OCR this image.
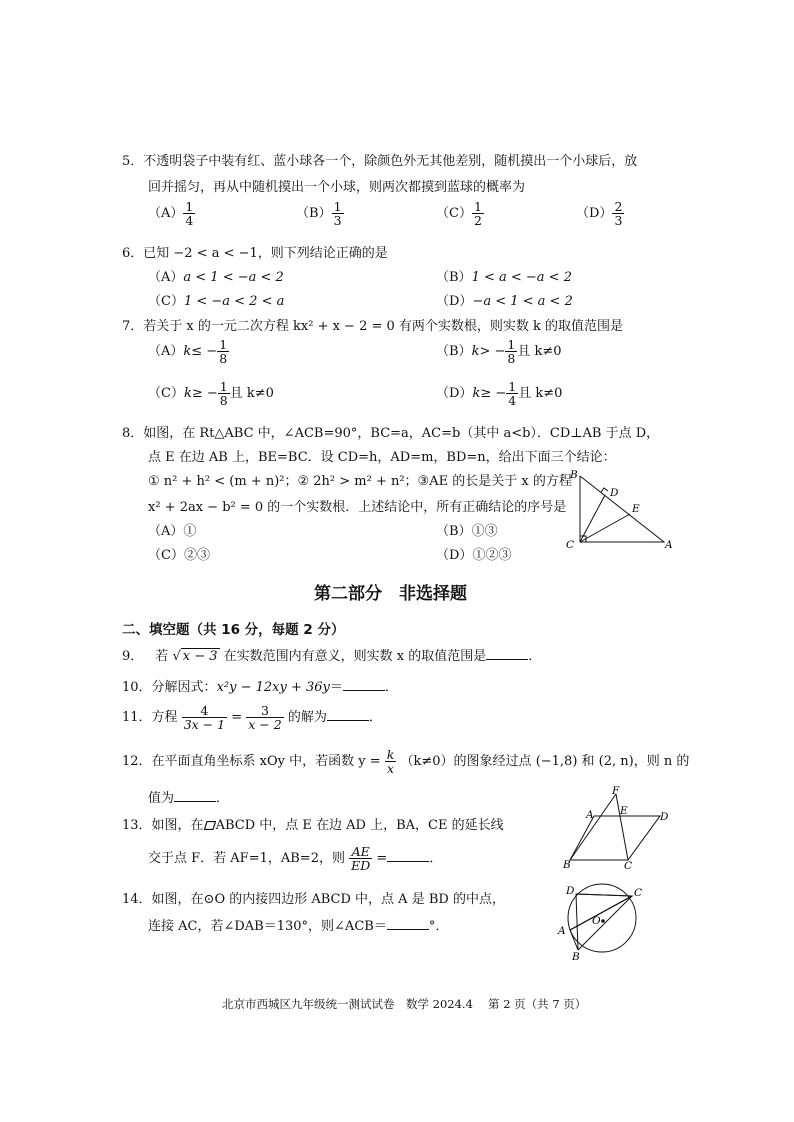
5．不透明袋子中装有红、蓝小球各一个，除颜色外无其他差别，随机摸出一个小球后，放
回并摇匀，再从中随机摸出一个小球，则两次都摸到蓝球的概率为
$(A) \frac{1}{4}$	$(B) \frac{1}{3}$	$(C) \frac{1}{2}$	$(D) \frac{2}{3}$
6．已知 −2 < a < −1，则下列结论正确的是
（A）a < 1 < −a < 2	（B）1 < a < −a < 2
（C）1 < −a < 2 < a	（D）−a < 1 < a < 2
7．若关于 x 的一元二次方程 kx² + x − 2 = 0 有两个实数根，则实数 k 的取值范围是
$(A)k\le - \frac{1}{8}$	$(B)k> - \frac{1}{8}$ 且 k≠0
$(C)k\ge - \frac{1}{8}$ 且 k≠0	$(D)k\ge - \frac{1}{4}$ 且 k≠0
8．如图，在 Rt△ABC 中，∠ACB=90°，BC=a，AC=b（其中 a<b）．CD⊥AB 于点 D，
点 E 在边 AB 上，BE=BC．设 CD=h，AD=m，BD=n，给出下面三个结论：
① n² + h² < (m + n)²；② 2h² > m² + n²；③AE 的长是关于 x 的方程
x² + 2ax − b² = 0 的一个实数根．上述结论中，所有正确结论的序号是
（A）①	（B）①③
（C）②③	（D）①②③
B
D
E
C	A
第二部分　非选择题
二、填空题（共 16 分，每题 2 分）
9． 若 √ x − 3 在实数范围内有意义，则实数 x 的取值范围是	．
10．分解因式：x²y − 12xy + 36y＝	．
11．方程 $\frac{4}{3x - 1} = \frac{3}{x - 2}$ 的解为	．
12．在平面直角坐标系 xOy 中，若函数 $y = \frac{k}{x} (k\ne 0)$的图象经过点 (−1,8) 和 (2, n)，则 n 的
值为	．
13．如图，在 ABCD 中，点 E 在边 AD 上，BA，CE 的延长线
交于点 F．若 AF=1，AB=2，则 $\frac{AE}{ED}$ =	．
F
A	E	D
B	C
14．如图，在⊙O 的内接四边形 ABCD 中，点 A 是 BD 的中点，
连接 AC，若∠DAB＝130°，则∠ACB＝	°．
D	C
O
A
B
北京市西城区九年级统一测试试卷　数学 2024.4　 第 2 页（共 7 页）
